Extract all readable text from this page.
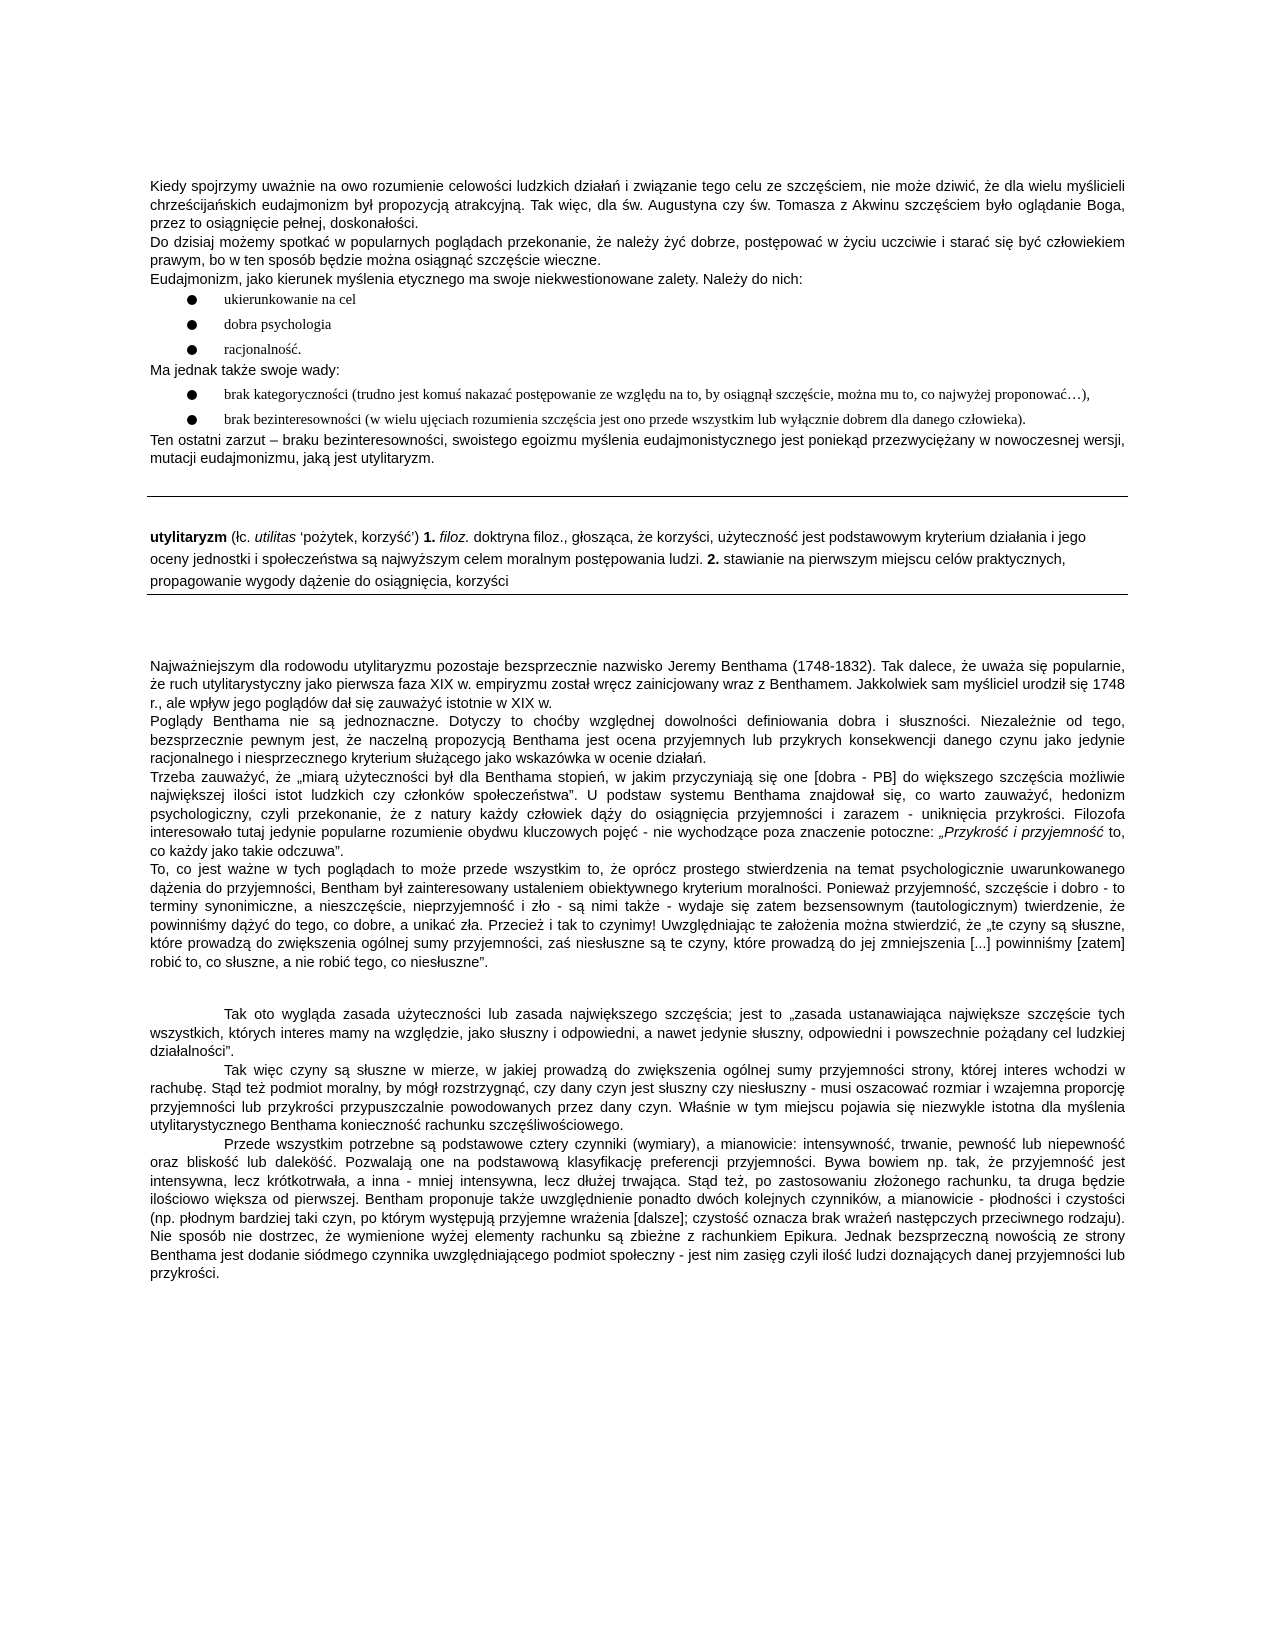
Kiedy spojrzymy uważnie na owo rozumienie celowości ludzkich działań i związanie tego celu ze szczęściem, nie może dziwić, że dla wielu myślicieli chrześcijańskich eudajmonizm był propozycją atrakcyjną. Tak więc, dla św. Augustyna czy św. Tomasza z Akwinu szczęściem było oglądanie Boga, przez to osiągnięcie pełnej, doskonałości.

Do dzisiaj możemy spotkać w popularnych poglądach przekonanie, że należy żyć dobrze, postępować w życiu uczciwie i starać się być człowiekiem prawym, bo w ten sposób będzie można osiągnąć szczęście wieczne.

Eudajmonizm, jako kierunek myślenia etycznego ma swoje niekwestionowane zalety. Należy do nich:

ukierunkowanie na cel
dobra psychologia
racjonalność.

Ma jednak także swoje wady:

brak kategoryczności (trudno jest komuś nakazać postępowanie ze względu na to, by osiągnął szczęście, można mu to, co najwyżej proponować…),
brak bezinteresowności (w wielu ujęciach rozumienia szczęścia jest ono przede wszystkim lub wyłącznie dobrem dla danego człowieka).

Ten ostatni zarzut – braku bezinteresowności, swoistego egoizmu myślenia eudajmonistycznego jest poniekąd przezwyciężany w nowoczesnej wersji, mutacji eudajmonizmu, jaką jest utylitaryzm.

utylitaryzm (łc. utilitas ‘pożytek, korzyść’) 1. filoz. doktryna filoz., głosząca, że korzyści, użyteczność jest podstawowym kryterium działania i jego oceny jednostki i społeczeństwa są najwyższym celem moralnym postępowania ludzi. 2. stawianie na pierwszym miejscu celów praktycznych, propagowanie wygody dążenie do osiągnięcia, korzyści

Najważniejszym dla rodowodu utylitaryzmu pozostaje bezsprzecznie nazwisko Jeremy Benthama (1748-1832). Tak dalece, że uważa się popularnie, że ruch utylitarystyczny jako pierwsza faza XIX w. empiryzmu został wręcz zainicjowany wraz z Benthamem. Jakkolwiek sam myśliciel urodził się 1748 r., ale wpływ jego poglądów dał się zauważyć istotnie w XIX w.

Poglądy Benthama nie są jednoznaczne. Dotyczy to choćby względnej dowolności definiowania dobra i słuszności. Niezależnie od tego, bezsprzecznie pewnym jest, że naczelną propozycją Benthama jest ocena przyjemnych lub przykrych konsekwencji danego czynu jako jedynie racjonalnego i niesprzecznego kryterium służącego jako wskazówka w ocenie działań.

Trzeba zauważyć, że „miarą użyteczności był dla Benthama stopień, w jakim przyczyniają się one [dobra - PB] do większego szczęścia możliwie największej ilości istot ludzkich czy członków społeczeństwa”. U podstaw systemu Benthama znajdował się, co warto zauważyć, hedonizm psychologiczny, czyli przekonanie, że z natury każdy człowiek dąży do osiągnięcia przyjemności i zarazem - uniknięcia przykrości. Filozofa interesowało tutaj jedynie popularne rozumienie obydwu kluczowych pojęć - nie wychodzące poza znaczenie potoczne: „Przykrość i przyjemność to, co każdy jako takie odczuwa”.

To, co jest ważne w tych poglądach to może przede wszystkim to, że oprócz prostego stwierdzenia na temat psychologicznie uwarunkowanego dążenia do przyjemności, Bentham był zainteresowany ustaleniem obiektywnego kryterium moralności. Ponieważ przyjemność, szczęście i dobro - to terminy synonimiczne, a nieszczęście, nieprzyjemność i zło - są nimi także - wydaje się zatem bezsensownym (tautologicznym) twierdzenie, że powinniśmy dążyć do tego, co dobre, a unikać zła. Przecież i tak to czynimy! Uwzględniając te założenia można stwierdzić, że „te czyny są słuszne, które prowadzą do zwiększenia ogólnej sumy przyjemności, zaś niesłuszne są te czyny, które prowadzą do jej zmniejszenia [...] powinniśmy [zatem] robić to, co słuszne, a nie robić tego, co niesłuszne”.

Tak oto wygląda zasada użyteczności lub zasada największego szczęścia; jest to „zasada ustanawiająca największe szczęście tych wszystkich, których interes mamy na względzie, jako słuszny i odpowiedni, a nawet jedynie słuszny, odpowiedni i powszechnie pożądany cel ludzkiej działalności”.

Tak więc czyny są słuszne w mierze, w jakiej prowadzą do zwiększenia ogólnej sumy przyjemności strony, której interes wchodzi w rachubę. Stąd też podmiot moralny, by mógł rozstrzygnąć, czy dany czyn jest słuszny czy niesłuszny - musi oszacować rozmiar i wzajemna proporcję przyjemności lub przykrości przypuszczalnie powodowanych przez dany czyn. Właśnie w tym miejscu pojawia się niezwykle istotna dla myślenia utylitarystycznego Benthama konieczność rachunku szczęśliwościowego.

Przede wszystkim potrzebne są podstawowe cztery czynniki (wymiary), a mianowicie: intensywność, trwanie, pewność lub niepewność oraz bliskość lub daleköść. Pozwalają one na podstawową klasyfikację preferencji przyjemności. Bywa bowiem np. tak, że przyjemność jest intensywna, lecz krótkotrwała, a inna - mniej intensywna, lecz dłużej trwająca. Stąd też, po zastosowaniu złożonego rachunku, ta druga będzie ilościowo większa od pierwszej. Bentham proponuje także uwzględnienie ponadto dwóch kolejnych czynników, a mianowicie - płodności i czystości (np. płodnym bardziej taki czyn, po którym występują przyjemne wrażenia [dalsze]; czystość oznacza brak wrażeń następczych przeciwnego rodzaju). Nie sposób nie dostrzec, że wymienione wyżej elementy rachunku są zbieżne z rachunkiem Epikura. Jednak bezsprzeczną nowością ze strony Benthama jest dodanie siódmego czynnika uwzględniającego podmiot społeczny - jest nim zasięg czyli ilość ludzi doznających danej przyjemności lub przykrości.
